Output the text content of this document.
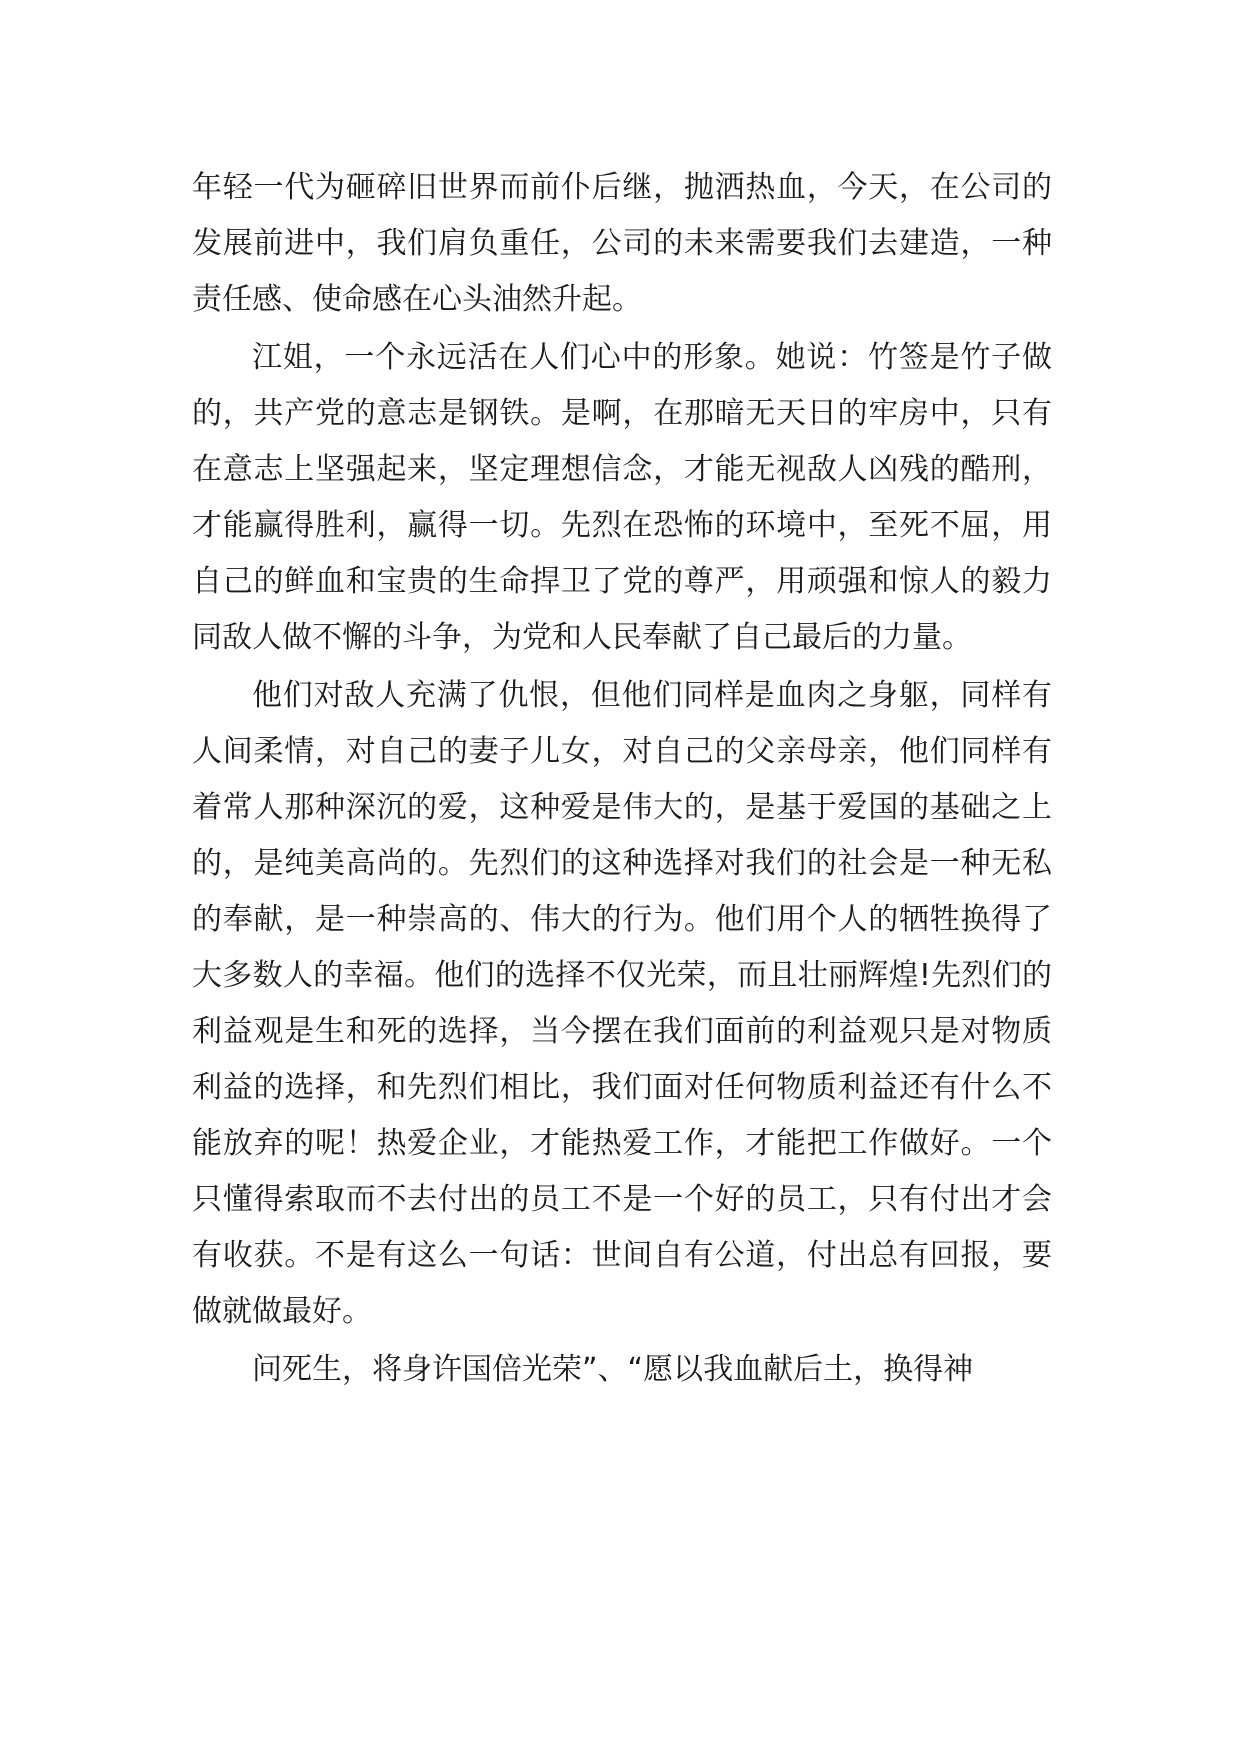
年轻一代为砸碎旧世界而前仆后继，抛洒热血，今天，在公司的发展前进中，我们肩负重任，公司的未来需要我们去建造，一种责任感、使命感在心头油然升起。

江姐，一个永远活在人们心中的形象。她说：竹签是竹子做的，共产党的意志是钢铁。是啊，在那暗无天日的牢房中，只有在意志上坚强起来，坚定理想信念，才能无视敌人凶残的酷刑，才能赢得胜利，赢得一切。先烈在恐怖的环境中，至死不屈，用自己的鲜血和宝贵的生命捍卫了党的尊严，用顽强和惊人的毅力同敌人做不懈的斗争，为党和人民奉献了自己最后的力量。

他们对敌人充满了仇恨，但他们同样是血肉之身躯，同样有人间柔情，对自己的妻子儿女，对自己的父亲母亲，他们同样有着常人那种深沉的爱，这种爱是伟大的，是基于爱国的基础之上的，是纯美高尚的。先烈们的这种选择对我们的社会是一种无私的奉献，是一种崇高的、伟大的行为。他们用个人的牺牲换得了大多数人的幸福。他们的选择不仅光荣，而且壮丽辉煌!先烈们的利益观是生和死的选择，当今摆在我们面前的利益观只是对物质利益的选择，和先烈们相比，我们面对任何物质利益还有什么不能放弃的呢！热爱企业，才能热爱工作，才能把工作做好。一个只懂得索取而不去付出的员工不是一个好的员工，只有付出才会有收获。不是有这么一句话：世间自有公道，付出总有回报，要做就做最好。

问死生，将身许国倍光荣”、“愿以我血献后土，换得神
